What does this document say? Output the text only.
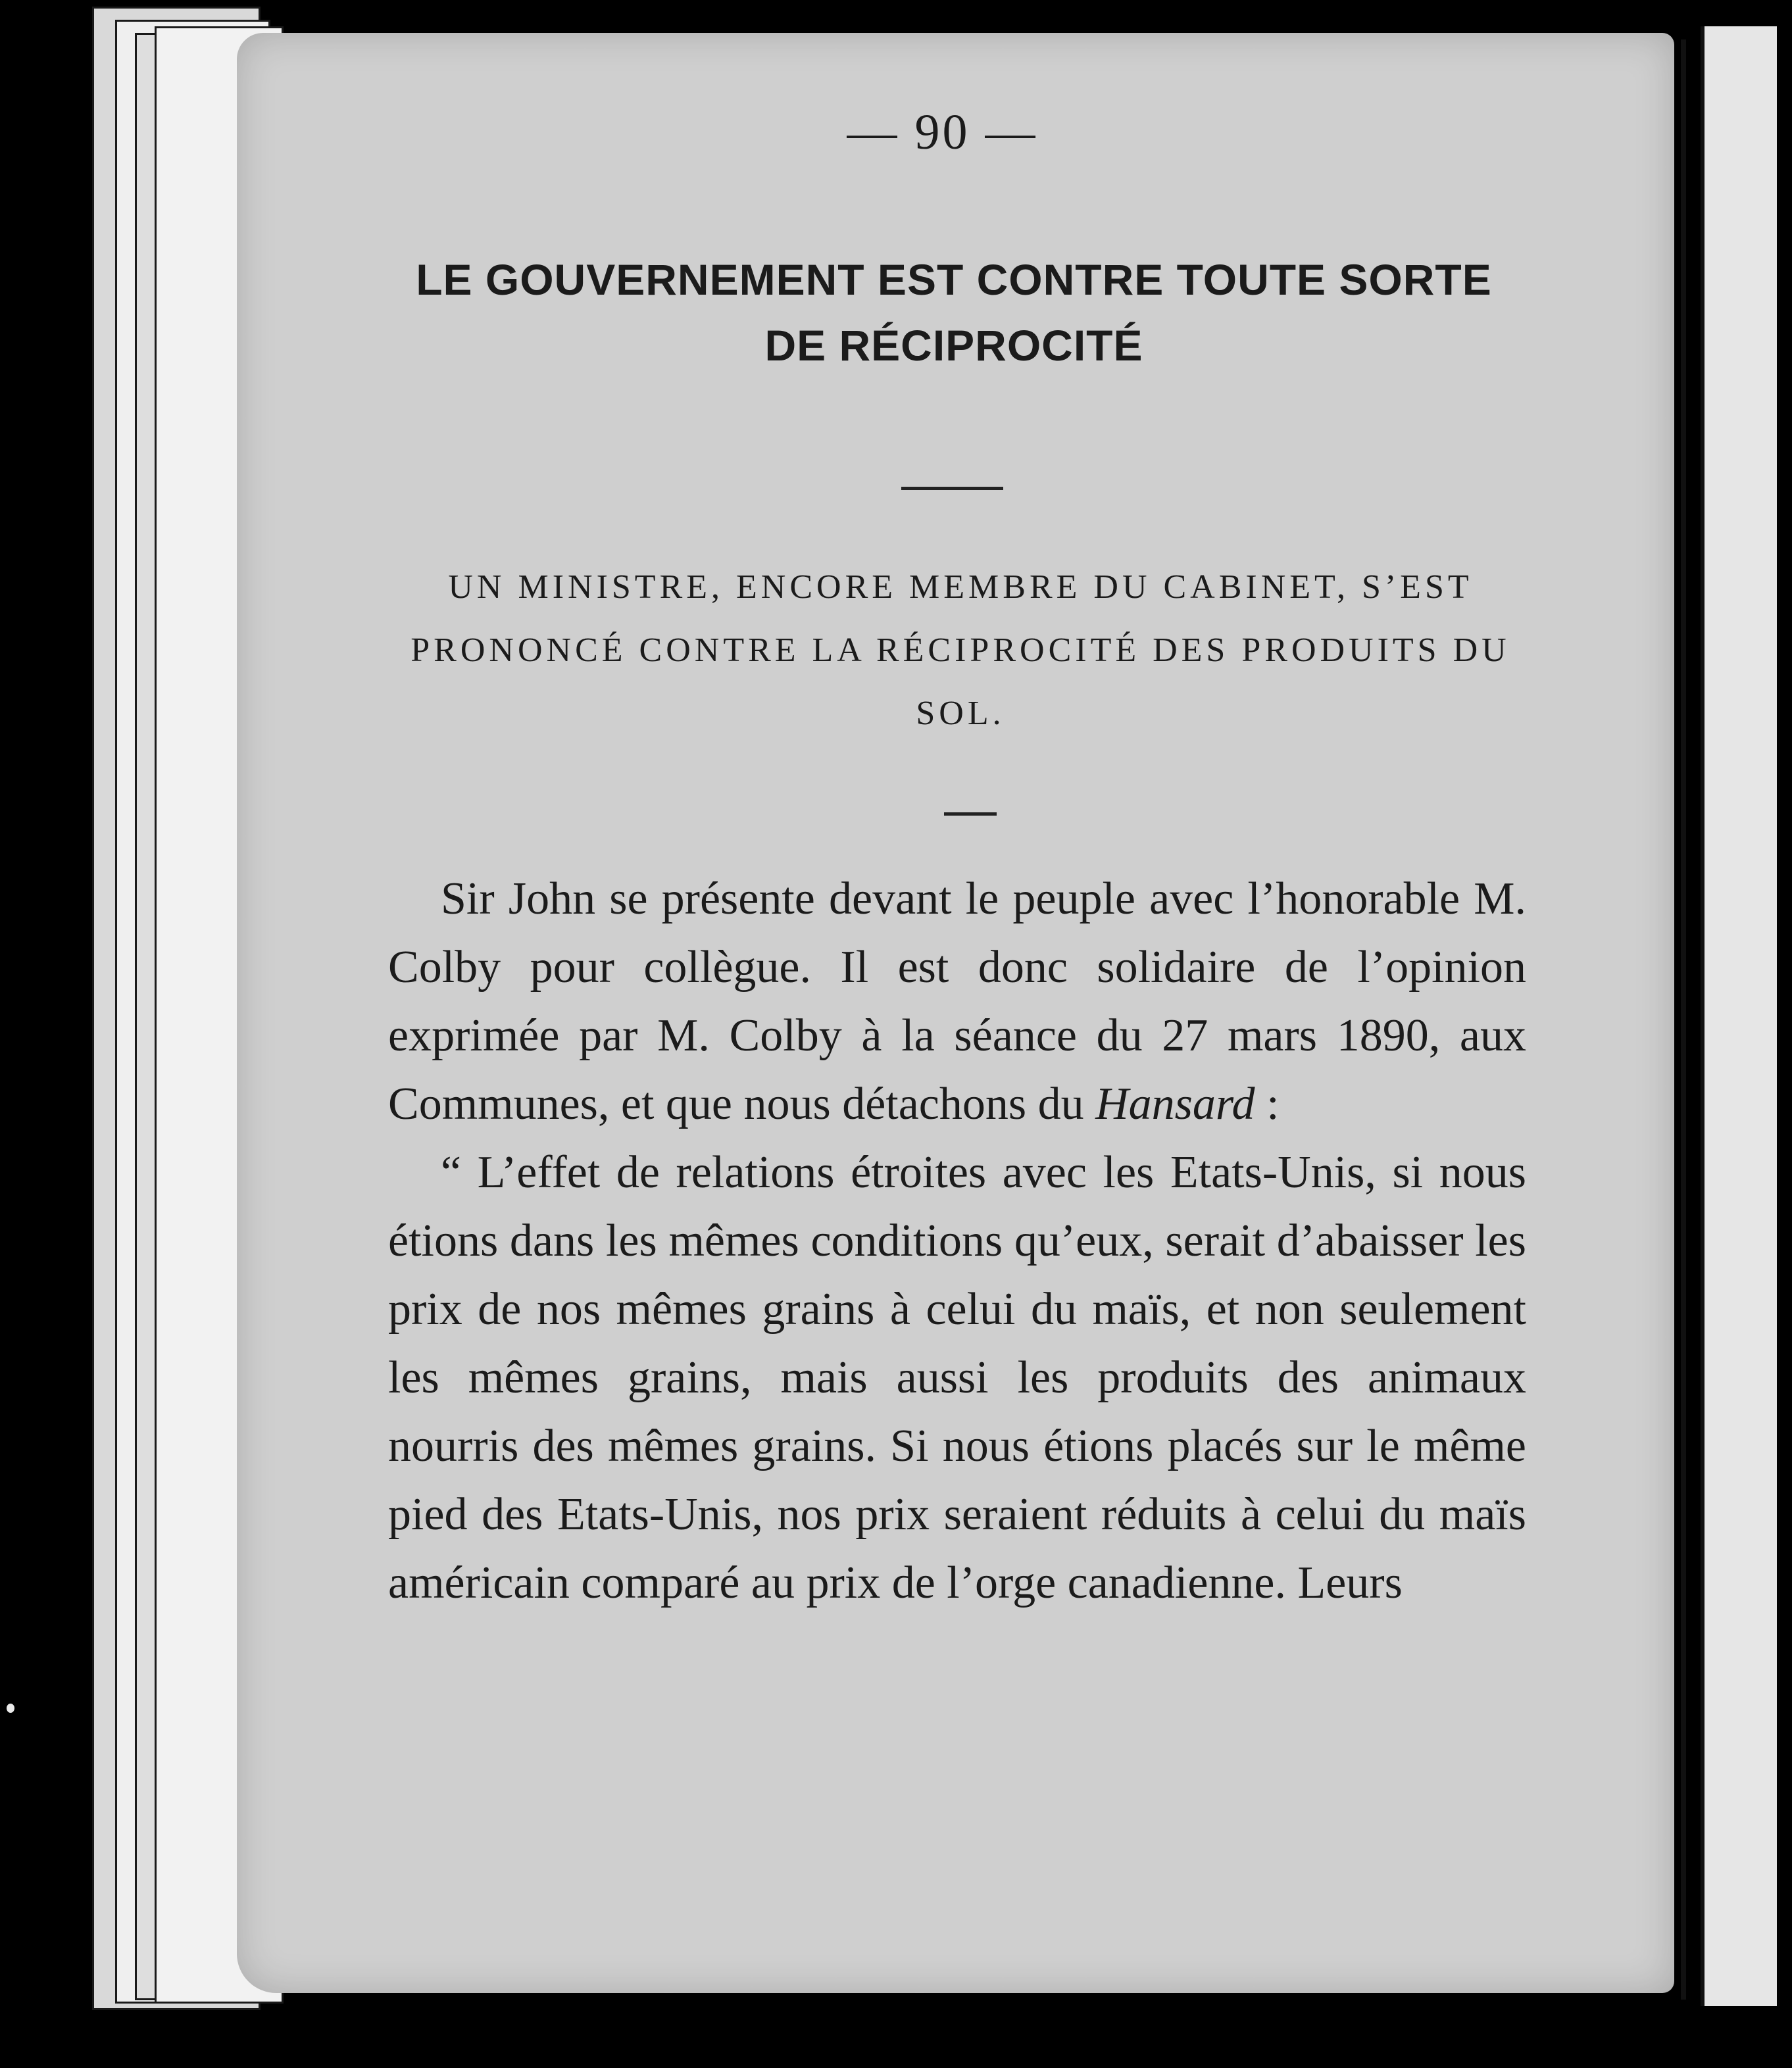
— 90 —
LE GOUVERNEMENT EST CONTRE TOUTE SORTE DE RÉCIPROCITÉ
UN MINISTRE, ENCORE MEMBRE DU CABINET, S’EST PRONONCÉ CONTRE LA RÉCIPROCITÉ DES PRODUITS DU SOL.

Sir John se présente devant le peuple avec l’honorable M. Colby pour collègue. Il est donc solidaire de l’opinion exprimée par M. Colby à la séance du 27 mars 1890, aux Communes, et que nous détachons du Hansard :

“ L’effet de relations étroites avec les Etats-Unis, si nous étions dans les mêmes conditions qu’eux, serait d’abaisser les prix de nos mêmes grains à celui du maïs, et non seulement les mêmes grains, mais aussi les produits des animaux nourris des mêmes grains. Si nous étions placés sur le même pied des Etats-Unis, nos prix seraient réduits à celui du maïs américain comparé au prix de l’orge canadienne. Leurs
